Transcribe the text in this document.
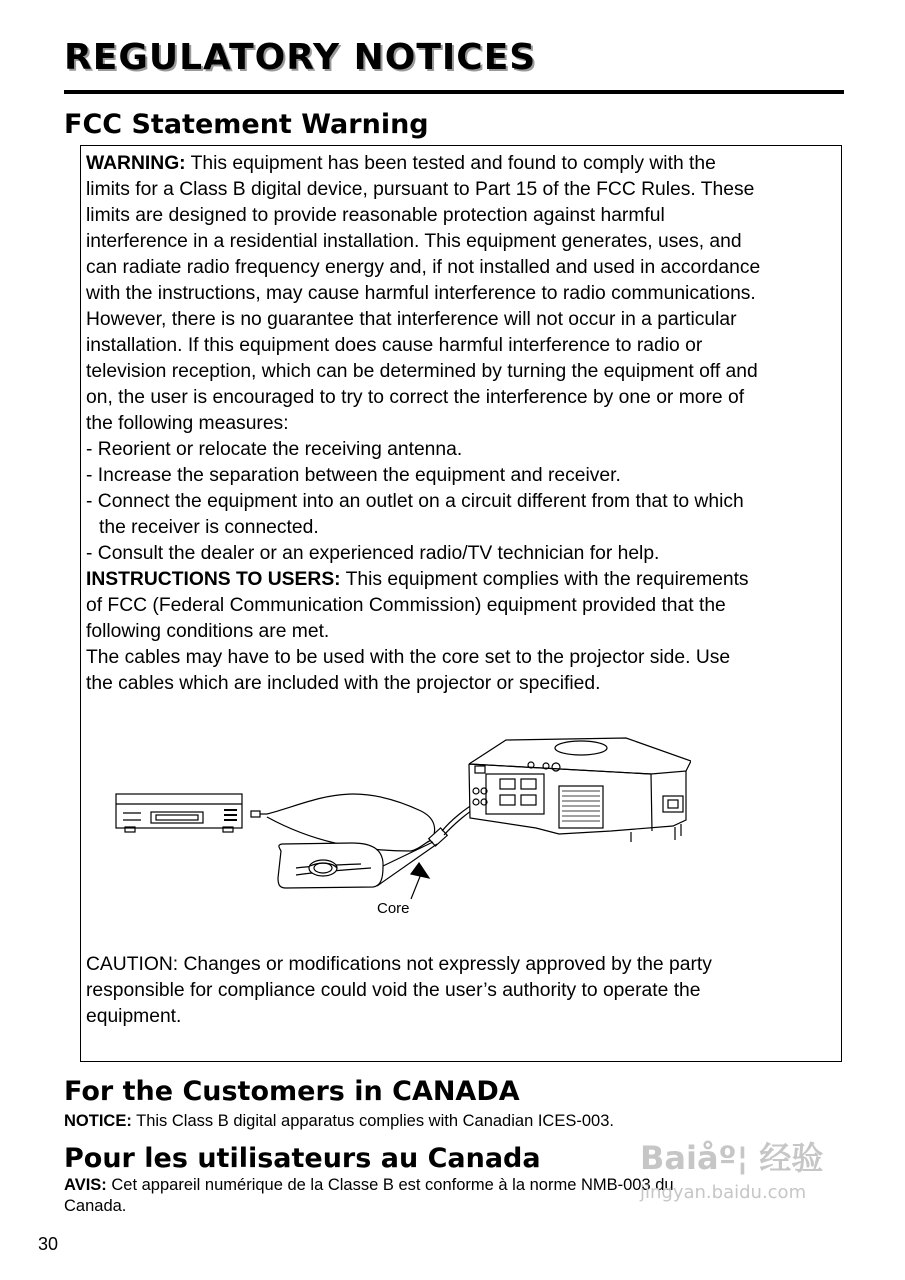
REGULATORY NOTICES
FCC Statement Warning

WARNING: This equipment has been tested and found to comply with the

limits for a Class B digital device, pursuant to Part 15 of the FCC Rules. These

limits are designed to provide reasonable protection against harmful

interference in a residential installation. This equipment generates, uses, and

can radiate radio frequency energy and, if not installed and used in accordance

with the instructions, may cause harmful interference to radio communications.

However, there is no guarantee that interference will not occur in a particular

installation. If this equipment does cause harmful interference to radio or

television reception, which can be determined by turning the equipment off and

on, the user is encouraged to try to correct the interference by one or more of

the following measures:

- Reorient or relocate the receiving antenna.

- Increase the separation between the equipment and receiver.

- Connect the equipment into an outlet on a circuit different from that to which

the receiver is connected.

- Consult the dealer or an experienced radio/TV technician for help.

INSTRUCTIONS TO USERS: This equipment complies with the requirements

of FCC (Federal Communication Commission) equipment provided that the

following conditions are met.

The cables may have to be used with the core set to the projector side. Use

the cables which are included with the projector or specified.

Core

CAUTION: Changes or modifications not expressly approved by the party

responsible for compliance could void the user’s authority to operate the

equipment.

For the Customers in CANADA

NOTICE: This Class B digital apparatus complies with Canadian ICES-003.

Pour les utilisateurs au Canada

AVIS: Cet appareil numérique de la Classe B est conforme à la norme NMB-003 du

Canada.

Baiåº¦ 经验
jingyan.baidu.com

30
